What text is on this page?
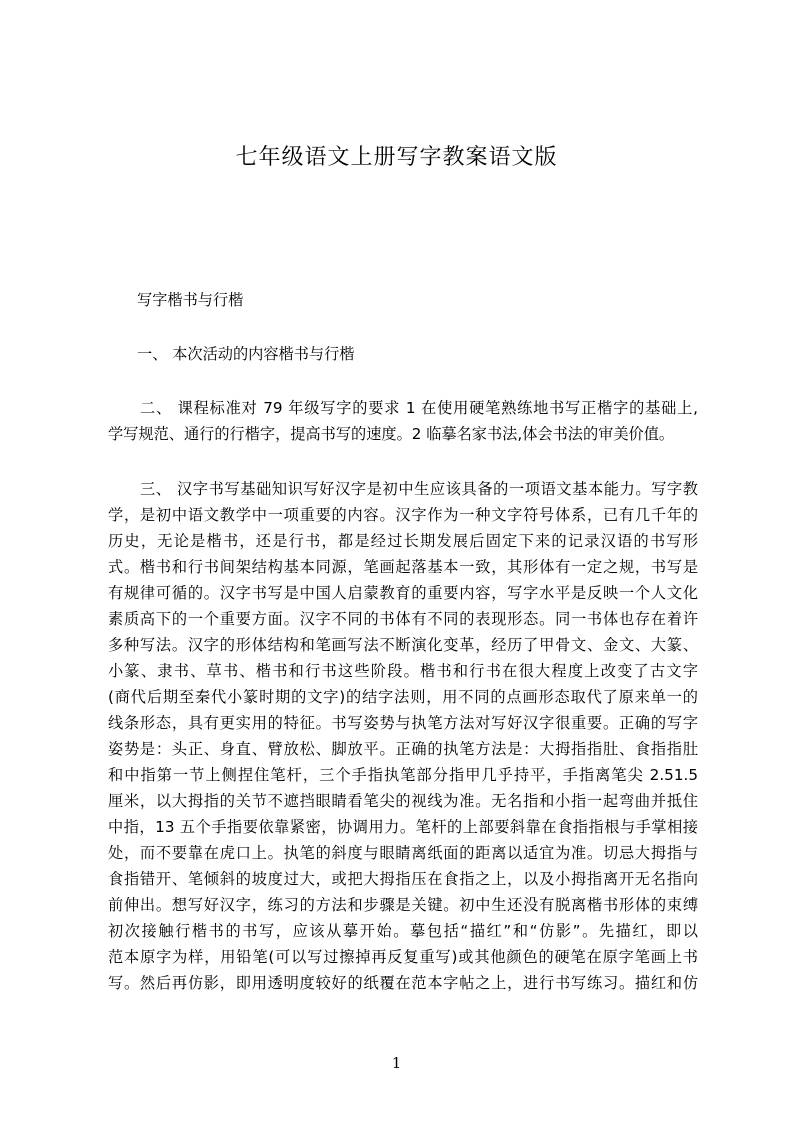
七年级语文上册写字教案语文版
写字楷书与行楷
一、 本次活动的内容楷书与行楷
二、 课程标准对 79 年级写字的要求 1 在使用硬笔熟练地书写正楷字的基础上,
学写规范、通行的行楷字，提高书写的速度。2 临摹名家书法,体会书法的审美价值。
三、 汉字书写基础知识写好汉字是初中生应该具备的一项语文基本能力。写字教
学，是初中语文教学中一项重要的内容。汉字作为一种文字符号体系，已有几千年的
历史，无论是楷书，还是行书，都是经过长期发展后固定下来的记录汉语的书写形
式。楷书和行书间架结构基本同源，笔画起落基本一致，其形体有一定之规，书写是
有规律可循的。汉字书写是中国人启蒙教育的重要内容，写字水平是反映一个人文化
素质高下的一个重要方面。汉字不同的书体有不同的表现形态。同一书体也存在着许
多种写法。汉字的形体结构和笔画写法不断演化变革，经历了甲骨文、金文、大篆、
小篆、隶书、草书、楷书和行书这些阶段。楷书和行书在很大程度上改变了古文字
(商代后期至秦代小篆时期的文字)的结字法则，用不同的点画形态取代了原来单一的
线条形态，具有更实用的特征。书写姿势与执笔方法对写好汉字很重要。正确的写字
姿势是：头正、身直、臂放松、脚放平。正确的执笔方法是：大拇指指肚、食指指肚
和中指第一节上侧捏住笔杆，三个手指执笔部分指甲几乎持平，手指离笔尖 2.51.5
厘米，以大拇指的关节不遮挡眼睛看笔尖的视线为准。无名指和小指一起弯曲并抵住
中指，13 五个手指要依靠紧密，协调用力。笔杆的上部要斜靠在食指指根与手掌相接
处，而不要靠在虎口上。执笔的斜度与眼睛离纸面的距离以适宜为准。切忌大拇指与
食指错开、笔倾斜的坡度过大，或把大拇指压在食指之上，以及小拇指离开无名指向
前伸出。想写好汉字，练习的方法和步骤是关键。初中生还没有脱离楷书形体的束缚
初次接触行楷书的书写，应该从摹开始。摹包括“描红”和“仿影”。先描红，即以
范本原字为样，用铅笔(可以写过擦掉再反复重写)或其他颜色的硬笔在原字笔画上书
写。然后再仿影，即用透明度较好的纸覆在范本字帖之上，进行书写练习。描红和仿
1
